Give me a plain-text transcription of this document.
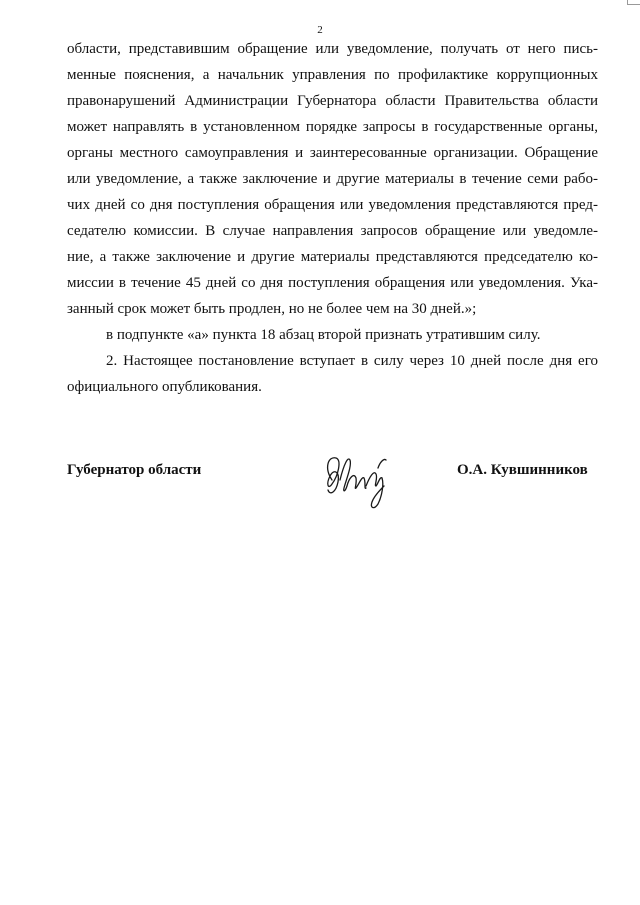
2
области, представившим обращение или уведомление, получать от него пись-
менные пояснения, а начальник управления по профилактике коррупционных
правонарушений Администрации Губернатора области Правительства области
может направлять в установленном порядке запросы в государственные органы,
органы местного самоуправления и заинтересованные организации. Обращение
или уведомление, а также заключение и другие материалы в течение семи рабо-
чих дней со дня поступления обращения или уведомления представляются пред-
седателю комиссии. В случае направления запросов обращение или уведомле-
ние, а также заключение и другие материалы представляются председателю ко-
миссии в течение 45 дней со дня поступления обращения или уведомления. Ука-
занный срок может быть продлен, но не более чем на 30 дней.»;
в подпункте «а» пункта 18 абзац второй признать утратившим силу.
2. Настоящее постановление вступает в силу через 10 дней после дня его
официального опубликования.
Губернатор области	О.А. Кувшинников
